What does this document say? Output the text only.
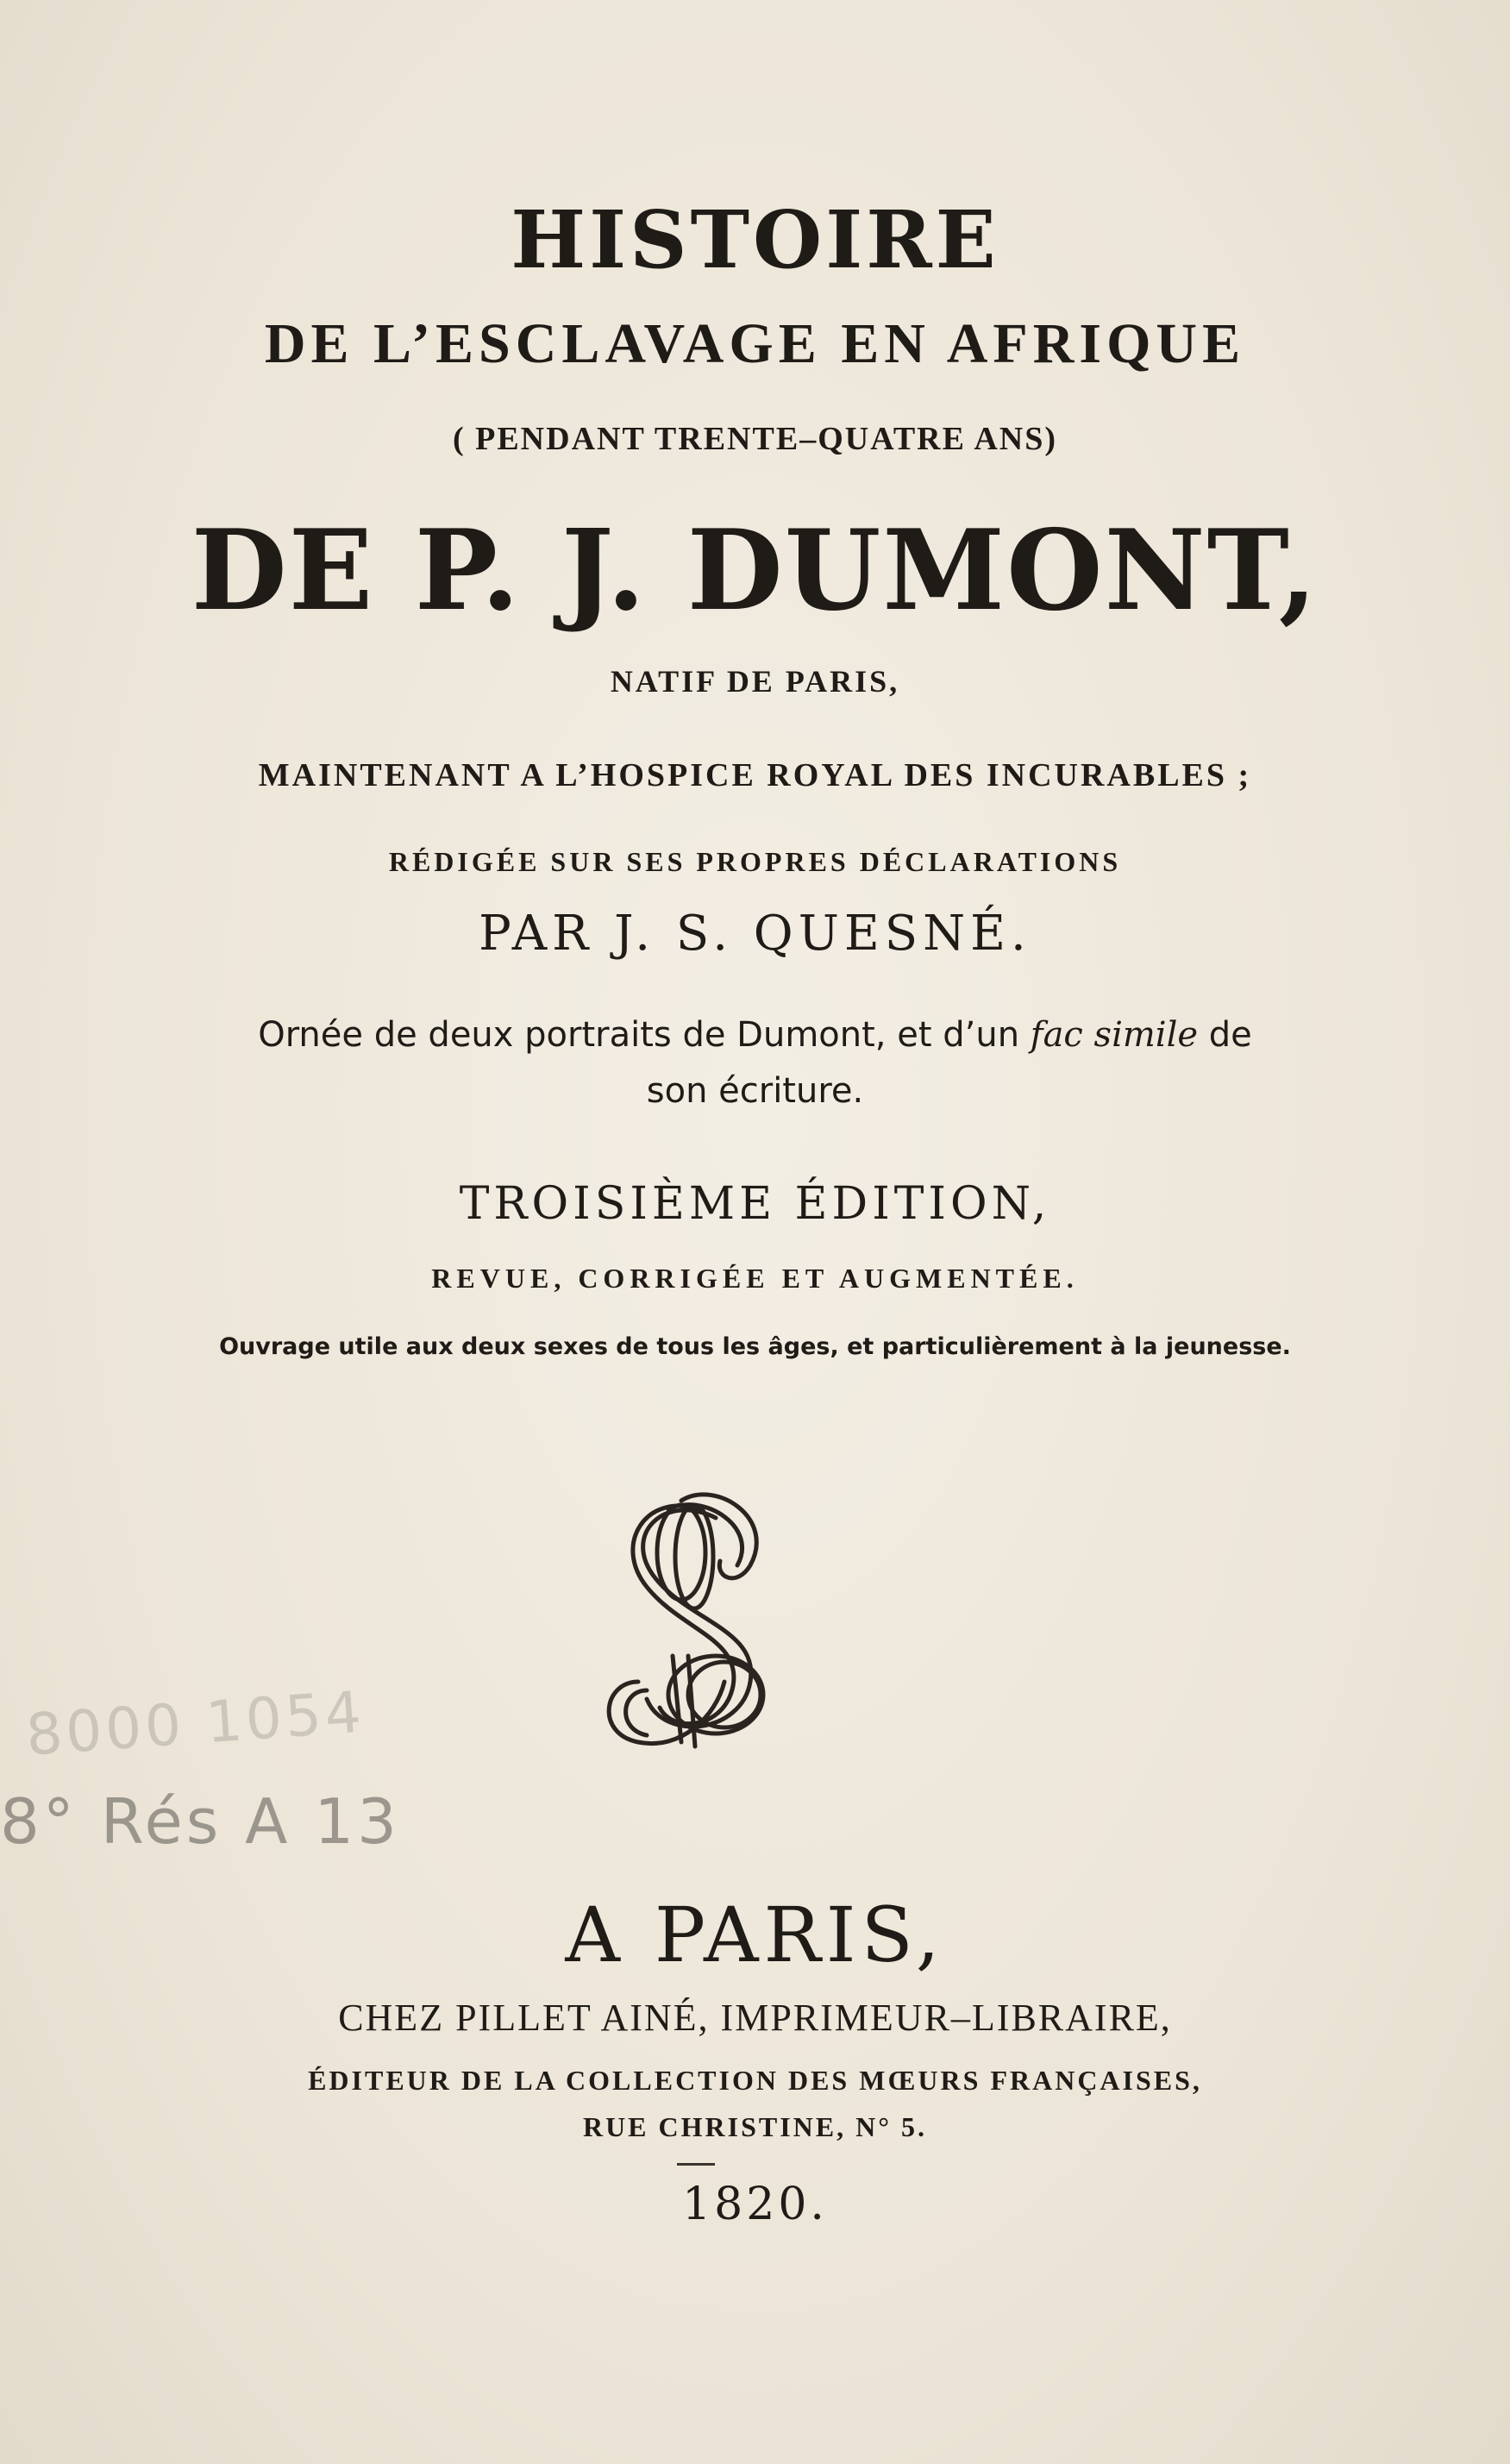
HISTOIRE
DE L’ESCLAVAGE EN AFRIQUE
( PENDANT TRENTE–QUATRE ANS)
DE P. J. DUMONT,
NATIF DE PARIS,
MAINTENANT A L’HOSPICE ROYAL DES INCURABLES ;
RÉDIGÉE SUR SES PROPRES DÉCLARATIONS
PAR J. S. QUESNÉ.
Ornée de deux portraits de Dumont, et d’un fac simile de
son écriture.
TROISIÈME ÉDITION,
REVUE, CORRIGÉE ET AUGMENTÉE.
Ouvrage utile aux deux sexes de tous les âges, et particulièrement à la jeunesse.
8000 1054
8° Rés A 13
A PARIS,
CHEZ PILLET AINÉ, IMPRIMEUR–LIBRAIRE,
ÉDITEUR DE LA COLLECTION DES MŒURS FRANÇAISES,
RUE CHRISTINE, N° 5.
1820.
